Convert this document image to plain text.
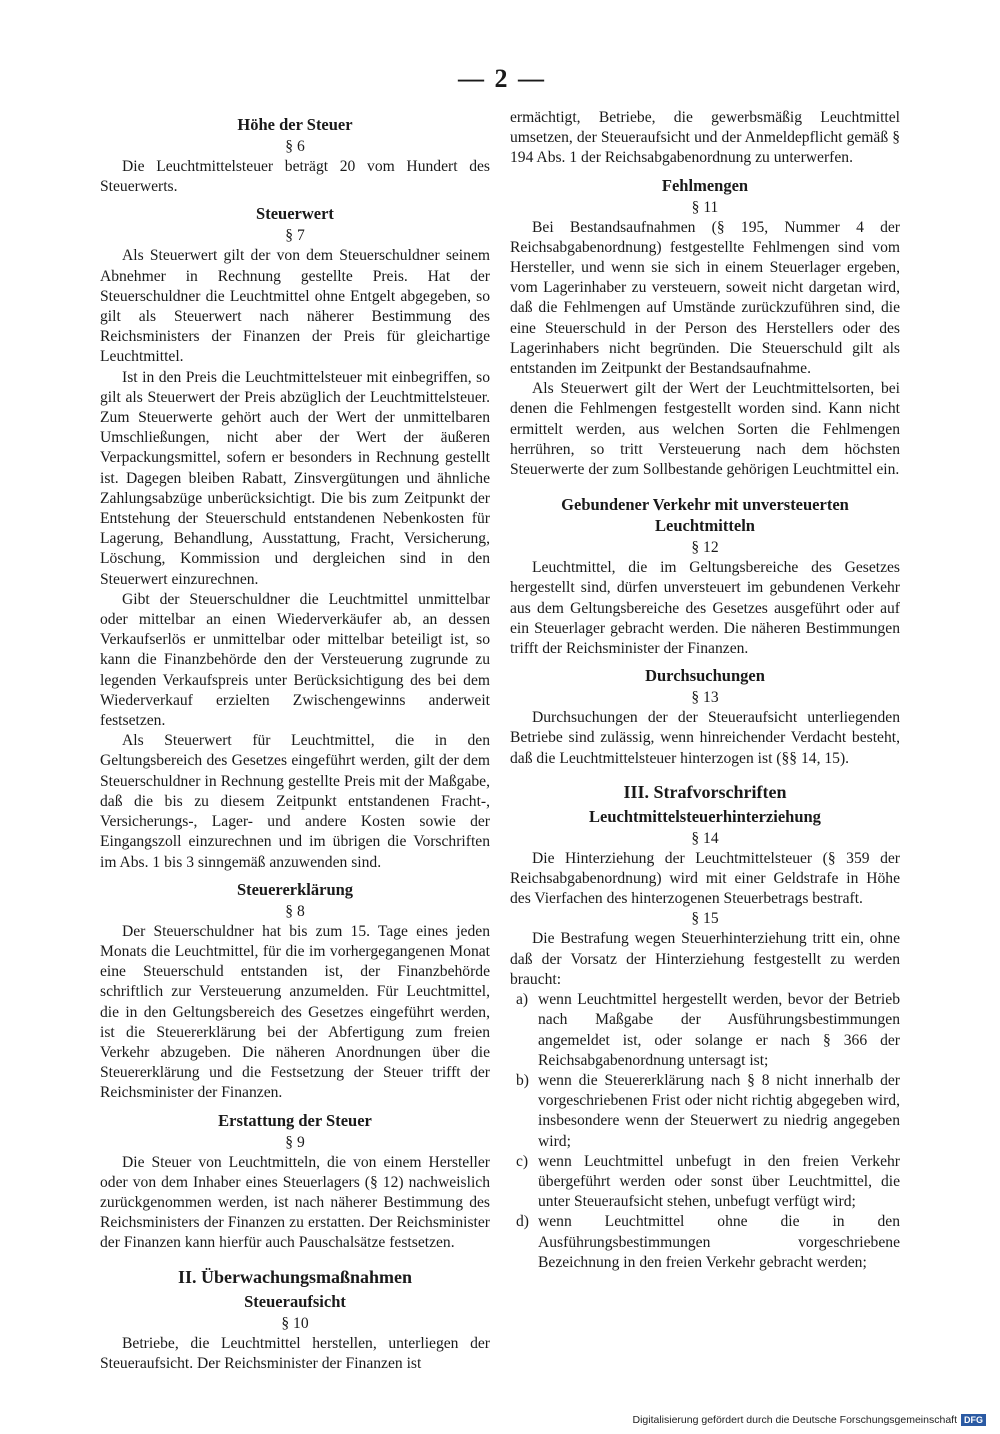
— 2 —
Höhe der Steuer
§ 6

Die Leuchtmittelsteuer beträgt 20 vom Hundert des Steuerwerts.

Steuerwert
§ 7

Als Steuerwert gilt der von dem Steuerschuldner seinem Abnehmer in Rechnung gestellte Preis. Hat der Steuerschuldner die Leuchtmittel ohne Entgelt abgegeben, so gilt als Steuerwert nach näherer Bestimmung des Reichsministers der Finanzen der Preis für gleichartige Leuchtmittel.

Ist in den Preis die Leuchtmittelsteuer mit einbegriffen, so gilt als Steuerwert der Preis abzüglich der Leuchtmittelsteuer. Zum Steuerwerte gehört auch der Wert der unmittelbaren Umschließungen, nicht aber der Wert der äußeren Verpackungsmittel, sofern er besonders in Rechnung gestellt ist. Dagegen bleiben Rabatt, Zinsvergütungen und ähnliche Zahlungsabzüge unberücksichtigt. Die bis zum Zeitpunkt der Entstehung der Steuerschuld entstandenen Nebenkosten für Lagerung, Behandlung, Ausstattung, Fracht, Versicherung, Löschung, Kommission und dergleichen sind in den Steuerwert einzurechnen.

Gibt der Steuerschuldner die Leuchtmittel unmittelbar oder mittelbar an einen Wiederverkäufer ab, an dessen Verkaufserlös er unmittelbar oder mittelbar beteiligt ist, so kann die Finanzbehörde den der Versteuerung zugrunde zu legenden Verkaufspreis unter Berücksichtigung des bei dem Wiederverkauf erzielten Zwischengewinns anderweit festsetzen.

Als Steuerwert für Leuchtmittel, die in den Geltungsbereich des Gesetzes eingeführt werden, gilt der dem Steuerschuldner in Rechnung gestellte Preis mit der Maßgabe, daß die bis zu diesem Zeitpunkt entstandenen Fracht-, Versicherungs-, Lager- und andere Kosten sowie der Eingangszoll einzurechnen und im übrigen die Vorschriften im Abs. 1 bis 3 sinngemäß anzuwenden sind.

Steuererklärung
§ 8

Der Steuerschuldner hat bis zum 15. Tage eines jeden Monats die Leuchtmittel, für die im vorhergegangenen Monat eine Steuerschuld entstanden ist, der Finanzbehörde schriftlich zur Versteuerung anzumelden. Für Leuchtmittel, die in den Geltungsbereich des Gesetzes eingeführt werden, ist die Steuererklärung bei der Abfertigung zum freien Verkehr abzugeben. Die näheren Anordnungen über die Steuererklärung und die Festsetzung der Steuer trifft der Reichsminister der Finanzen.

Erstattung der Steuer
§ 9

Die Steuer von Leuchtmitteln, die von einem Hersteller oder von dem Inhaber eines Steuerlagers (§ 12) nachweislich zurückgenommen werden, ist nach näherer Bestimmung des Reichsministers der Finanzen zu erstatten. Der Reichsminister der Finanzen kann hierfür auch Pauschalsätze festsetzen.

II. Überwachungsmaßnahmen
Steueraufsicht
§ 10

Betriebe, die Leuchtmittel herstellen, unterliegen der Steueraufsicht. Der Reichsminister der Finanzen ist

ermächtigt, Betriebe, die gewerbsmäßig Leuchtmittel umsetzen, der Steueraufsicht und der Anmeldepflicht gemäß § 194 Abs. 1 der Reichsabgabenordnung zu unterwerfen.

Fehlmengen
§ 11

Bei Bestandsaufnahmen (§ 195, Nummer 4 der Reichsabgabenordnung) festgestellte Fehlmengen sind vom Hersteller, und wenn sie sich in einem Steuerlager ergeben, vom Lagerinhaber zu versteuern, soweit nicht dargetan wird, daß die Fehlmengen auf Umstände zurückzuführen sind, die eine Steuerschuld in der Person des Herstellers oder des Lagerinhabers nicht begründen. Die Steuerschuld gilt als entstanden im Zeitpunkt der Bestandsaufnahme.

Als Steuerwert gilt der Wert der Leuchtmittelsorten, bei denen die Fehlmengen festgestellt worden sind. Kann nicht ermittelt werden, aus welchen Sorten die Fehlmengen herrühren, so tritt Versteuerung nach dem höchsten Steuerwerte der zum Sollbestande gehörigen Leuchtmittel ein.

Gebundener Verkehr mit unversteuerten Leuchtmitteln
§ 12

Leuchtmittel, die im Geltungsbereiche des Gesetzes hergestellt sind, dürfen unversteuert im gebundenen Verkehr aus dem Geltungsbereiche des Gesetzes ausgeführt oder auf ein Steuerlager gebracht werden. Die näheren Bestimmungen trifft der Reichsminister der Finanzen.

Durchsuchungen
§ 13

Durchsuchungen der der Steueraufsicht unterliegenden Betriebe sind zulässig, wenn hinreichender Verdacht besteht, daß die Leuchtmittelsteuer hinterzogen ist (§§ 14, 15).

III. Strafvorschriften
Leuchtmittelsteuerhinterziehung
§ 14

Die Hinterziehung der Leuchtmittelsteuer (§ 359 der Reichsabgabenordnung) wird mit einer Geldstrafe in Höhe des Vierfachen des hinterzogenen Steuerbetrags bestraft.

§ 15

Die Bestrafung wegen Steuerhinterziehung tritt ein, ohne daß der Vorsatz der Hinterziehung festgestellt zu werden braucht:

a) wenn Leuchtmittel hergestellt werden, bevor der Betrieb nach Maßgabe der Ausführungsbestimmungen angemeldet ist, oder solange er nach § 366 der Reichsabgabenordnung untersagt ist;
b) wenn die Steuererklärung nach § 8 nicht innerhalb der vorgeschriebenen Frist oder nicht richtig abgegeben wird, insbesondere wenn der Steuerwert zu niedrig angegeben wird;
c) wenn Leuchtmittel unbefugt in den freien Verkehr übergeführt werden oder sonst über Leuchtmittel, die unter Steueraufsicht stehen, unbefugt verfügt wird;
d) wenn Leuchtmittel ohne die in den Ausführungsbestimmungen vorgeschriebene Bezeichnung in den freien Verkehr gebracht werden;
Digitalisierung gefördert durch die Deutsche Forschungsgemeinschaft DFG
